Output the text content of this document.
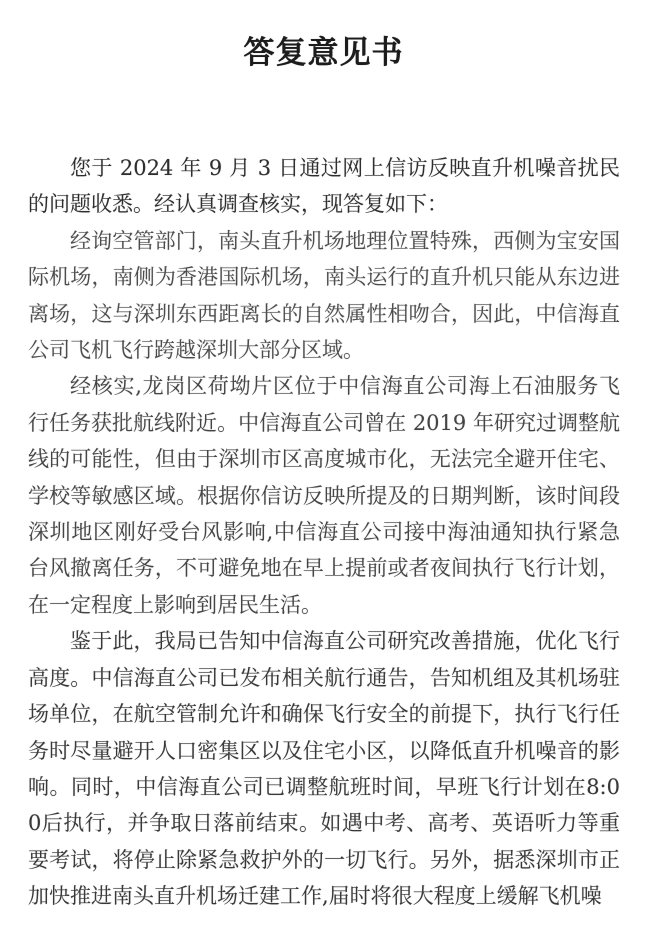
答复意见书

您于 2024 年 9 月 3 日通过网上信访反映直升机噪音扰民的问题收悉。经认真调查核实，现答复如下：

经询空管部门，南头直升机场地理位置特殊，西侧为宝安国际机场，南侧为香港国际机场，南头运行的直升机只能从东边进离场，这与深圳东西距离长的自然属性相吻合，因此，中信海直公司飞机飞行跨越深圳大部分区域。

经核实,龙岗区荷坳片区位于中信海直公司海上石油服务飞行任务获批航线附近。中信海直公司曾在 2019 年研究过调整航线的可能性，但由于深圳市区高度城市化，无法完全避开住宅、学校等敏感区域。根据你信访反映所提及的日期判断，该时间段深圳地区刚好受台风影响,中信海直公司接中海油通知执行紧急台风撤离任务，不可避免地在早上提前或者夜间执行飞行计划，在一定程度上影响到居民生活。

鉴于此，我局已告知中信海直公司研究改善措施，优化飞行高度。中信海直公司已发布相关航行通告，告知机组及其机场驻场单位，在航空管制允许和确保飞行安全的前提下，执行飞行任务时尽量避开人口密集区以及住宅小区，以降低直升机噪音的影响。同时，中信海直公司已调整航班时间，早班飞行计划在8:00后执行，并争取日落前结束。如遇中考、高考、英语听力等重要考试，将停止除紧急救护外的一切飞行。另外，据悉深圳市正加快推进南头直升机场迁建工作,届时将很大程度上缓解飞机噪
